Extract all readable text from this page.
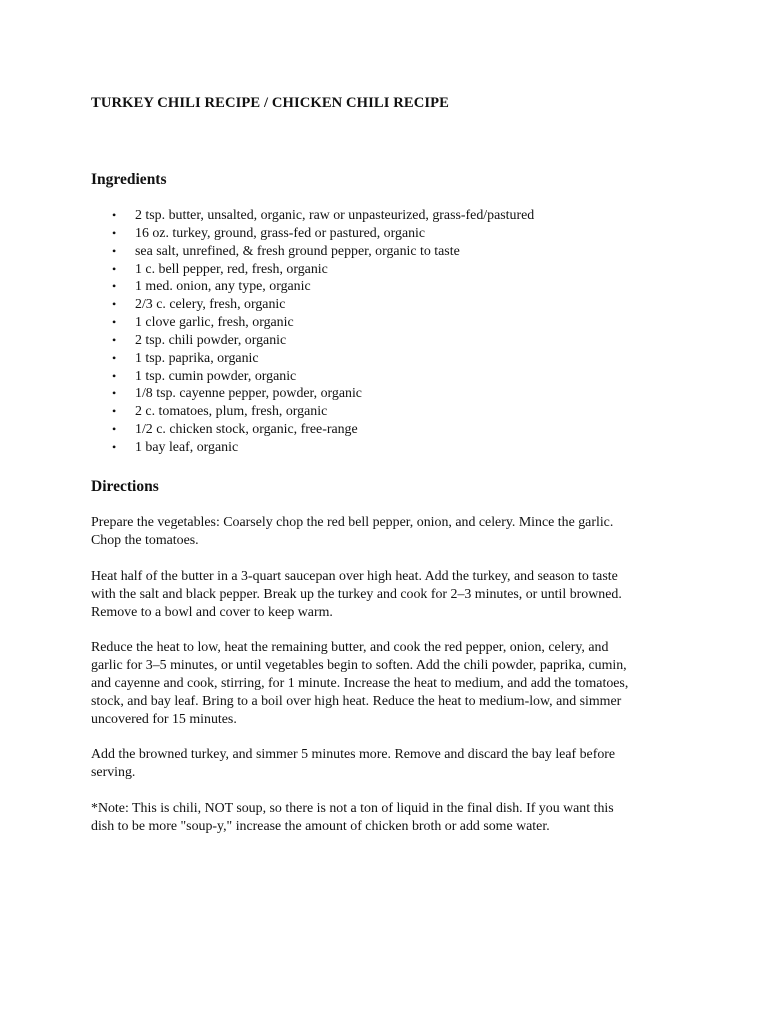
TURKEY CHILI RECIPE / CHICKEN CHILI RECIPE
Ingredients
• 2 tsp. butter, unsalted, organic, raw or unpasteurized, grass-fed/pastured
• 16 oz. turkey, ground, grass-fed or pastured, organic
• sea salt, unrefined, & fresh ground pepper, organic to taste
• 1 c. bell pepper, red, fresh, organic
• 1 med. onion, any type, organic
• 2/3 c. celery, fresh, organic
• 1 clove garlic, fresh, organic
• 2 tsp. chili powder, organic
• 1 tsp. paprika, organic
• 1 tsp. cumin powder, organic
• 1/8 tsp. cayenne pepper, powder, organic
• 2 c. tomatoes, plum, fresh, organic
• 1/2 c. chicken stock, organic, free-range
• 1 bay leaf, organic
Directions

Prepare the vegetables: Coarsely chop the red bell pepper, onion, and celery. Mince the garlic.
Chop the tomatoes.

Heat half of the butter in a 3-quart saucepan over high heat. Add the turkey, and season to taste
with the salt and black pepper. Break up the turkey and cook for 2–3 minutes, or until browned.
Remove to a bowl and cover to keep warm.

Reduce the heat to low, heat the remaining butter, and cook the red pepper, onion, celery, and
garlic for 3–5 minutes, or until vegetables begin to soften. Add the chili powder, paprika, cumin,
and cayenne and cook, stirring, for 1 minute. Increase the heat to medium, and add the tomatoes,
stock, and bay leaf. Bring to a boil over high heat. Reduce the heat to medium-low, and simmer
uncovered for 15 minutes.

Add the browned turkey, and simmer 5 minutes more. Remove and discard the bay leaf before
serving.

*Note: This is chili, NOT soup, so there is not a ton of liquid in the final dish. If you want this
dish to be more "soup-y," increase the amount of chicken broth or add some water.
